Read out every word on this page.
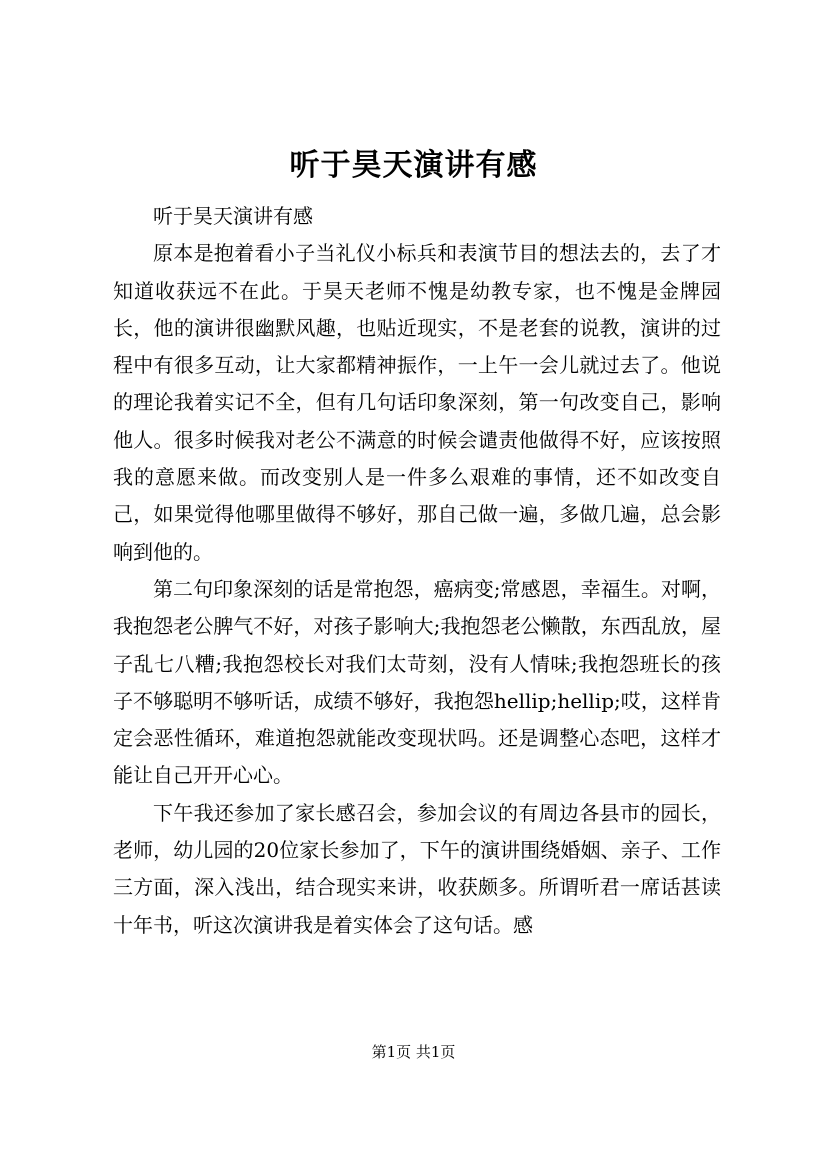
听于昊天演讲有感

听于昊天演讲有感

原本是抱着看小子当礼仪小标兵和表演节目的想法去的，去了才知道收获远不在此。于昊天老师不愧是幼教专家，也不愧是金牌园长，他的演讲很幽默风趣，也贴近现实，不是老套的说教，演讲的过程中有很多互动，让大家都精神振作，一上午一会儿就过去了。他说的理论我着实记不全，但有几句话印象深刻，第一句改变自己，影响他人。很多时候我对老公不满意的时候会谴责他做得不好，应该按照我的意愿来做。而改变别人是一件多么艰难的事情，还不如改变自己，如果觉得他哪里做得不够好，那自己做一遍，多做几遍，总会影响到他的。

第二句印象深刻的话是常抱怨，癌病变;常感恩，幸福生。对啊，我抱怨老公脾气不好，对孩子影响大;我抱怨老公懒散，东西乱放，屋子乱七八糟;我抱怨校长对我们太苛刻，没有人情味;我抱怨班长的孩子不够聪明不够听话，成绩不够好，我抱怨hellip;hellip;哎，这样肯定会恶性循环，难道抱怨就能改变现状吗。还是调整心态吧，这样才能让自己开开心心。

下午我还参加了家长感召会，参加会议的有周边各县市的园长，老师，幼儿园的20位家长参加了，下午的演讲围绕婚姻、亲子、工作三方面，深入浅出，结合现实来讲，收获颇多。所谓听君一席话甚读十年书，听这次演讲我是着实体会了这句话。感

第1页 共1页
